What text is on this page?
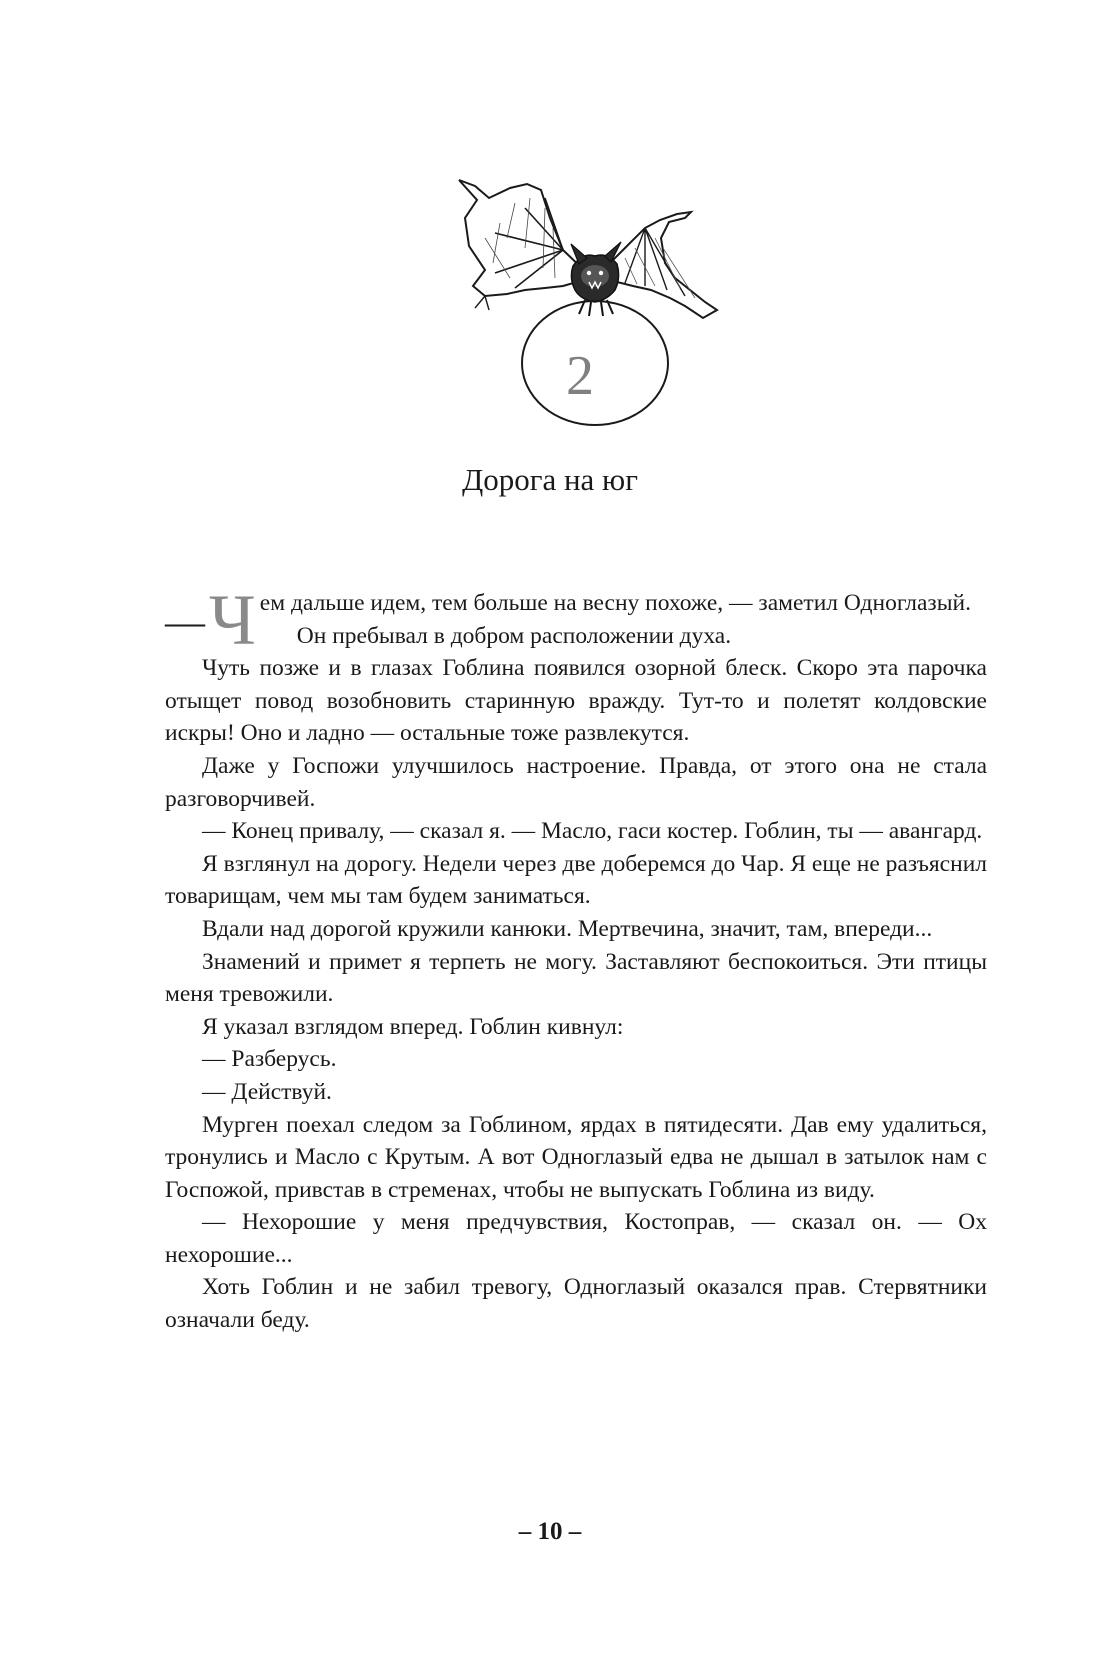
2
Дорога на юг

— Ч ем дальше идем, тем больше на весну похоже, — заметил Одноглазый.

Он пребывал в добром расположении духа.

Чуть позже и в глазах Гоблина появился озорной блеск. Скоро эта парочка отыщет повод возобновить старинную вражду. Тут-то и полетят колдовские искры! Оно и ладно — остальные тоже развлекутся.

Даже у Госпожи улучшилось настроение. Правда, от этого она не стала разговорчивей.

— Конец привалу, — сказал я. — Масло, гаси костер. Гоблин, ты — авангард.

Я взглянул на дорогу. Недели через две доберемся до Чар. Я еще не разъяснил товарищам, чем мы там будем заниматься.

Вдали над дорогой кружили канюки. Мертвечина, значит, там, впереди...

Знамений и примет я терпеть не могу. Заставляют беспокоиться. Эти птицы меня тревожили.

Я указал взглядом вперед. Гоблин кивнул:

— Разберусь.

— Действуй.

Мурген поехал следом за Гоблином, ярдах в пятидесяти. Дав ему удалиться, тронулись и Масло с Крутым. А вот Одноглазый едва не дышал в затылок нам с Госпожой, привстав в стременах, чтобы не выпускать Гоблина из виду.

— Нехорошие у меня предчувствия, Костоправ, — сказал он. — Ох нехорошие...

Хоть Гоблин и не забил тревогу, Одноглазый оказался прав. Стервятники означали беду.

– 10 –
